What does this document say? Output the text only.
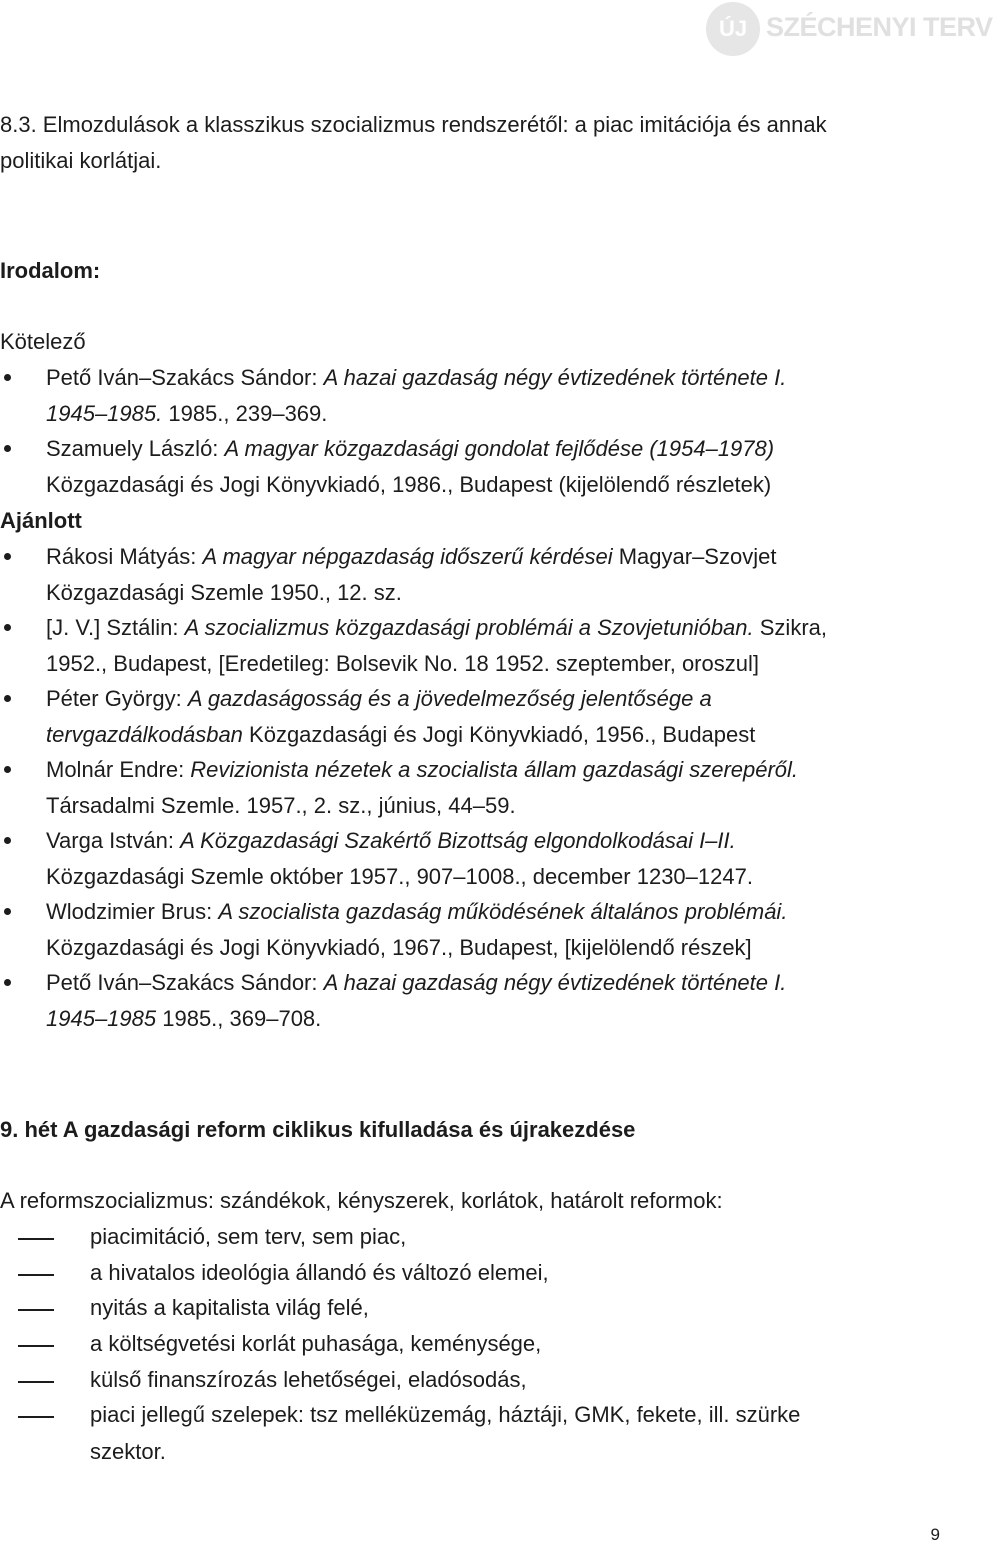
ÚJ SZÉCHENYI TERV
8.3. Elmozdulások a klasszikus szocializmus rendszerétől: a piac imitációja és annak
politikai korlátjai.
Irodalom:
Kötelező
Pető Iván–Szakács Sándor: A hazai gazdaság négy évtizedének története I.
1945–1985. 1985., 239–369.
Szamuely László: A magyar közgazdasági gondolat fejlődése (1954–1978)
Közgazdasági és Jogi Könyvkiadó, 1986., Budapest (kijelölendő részletek)
Ajánlott
Rákosi Mátyás: A magyar népgazdaság időszerű kérdései Magyar–Szovjet
Közgazdasági Szemle 1950., 12. sz.
[J. V.] Sztálin: A szocializmus közgazdasági problémái a Szovjetunióban. Szikra,
1952., Budapest, [Eredetileg: Bolsevik No. 18 1952. szeptember, oroszul]
Péter György: A gazdaságosság és a jövedelmezőség jelentősége a
tervgazdálkodásban Közgazdasági és Jogi Könyvkiadó, 1956., Budapest
Molnár Endre: Revizionista nézetek a szocialista állam gazdasági szerepéről.
Társadalmi Szemle. 1957., 2. sz., június, 44–59.
Varga István: A Közgazdasági Szakértő Bizottság elgondolkodásai I–II.
Közgazdasági Szemle október 1957., 907–1008., december 1230–1247.
Wlodzimier Brus: A szocialista gazdaság működésének általános problémái.
Közgazdasági és Jogi Könyvkiadó, 1967., Budapest, [kijelölendő részek]
Pető Iván–Szakács Sándor: A hazai gazdaság négy évtizedének története I.
1945–1985 1985., 369–708.
9. hét A gazdasági reform ciklikus kifulladása és újrakezdése
A reformszocializmus: szándékok, kényszerek, korlátok, határolt reformok:
piacimitáció, sem terv, sem piac,
a hivatalos ideológia állandó és változó elemei,
nyitás a kapitalista világ felé,
a költségvetési korlát puhasága, keménysége,
külső finanszírozás lehetőségei, eladósodás,
piaci jellegű szelepek: tsz melléküzemág, háztáji, GMK, fekete, ill. szürke
szektor.
9
